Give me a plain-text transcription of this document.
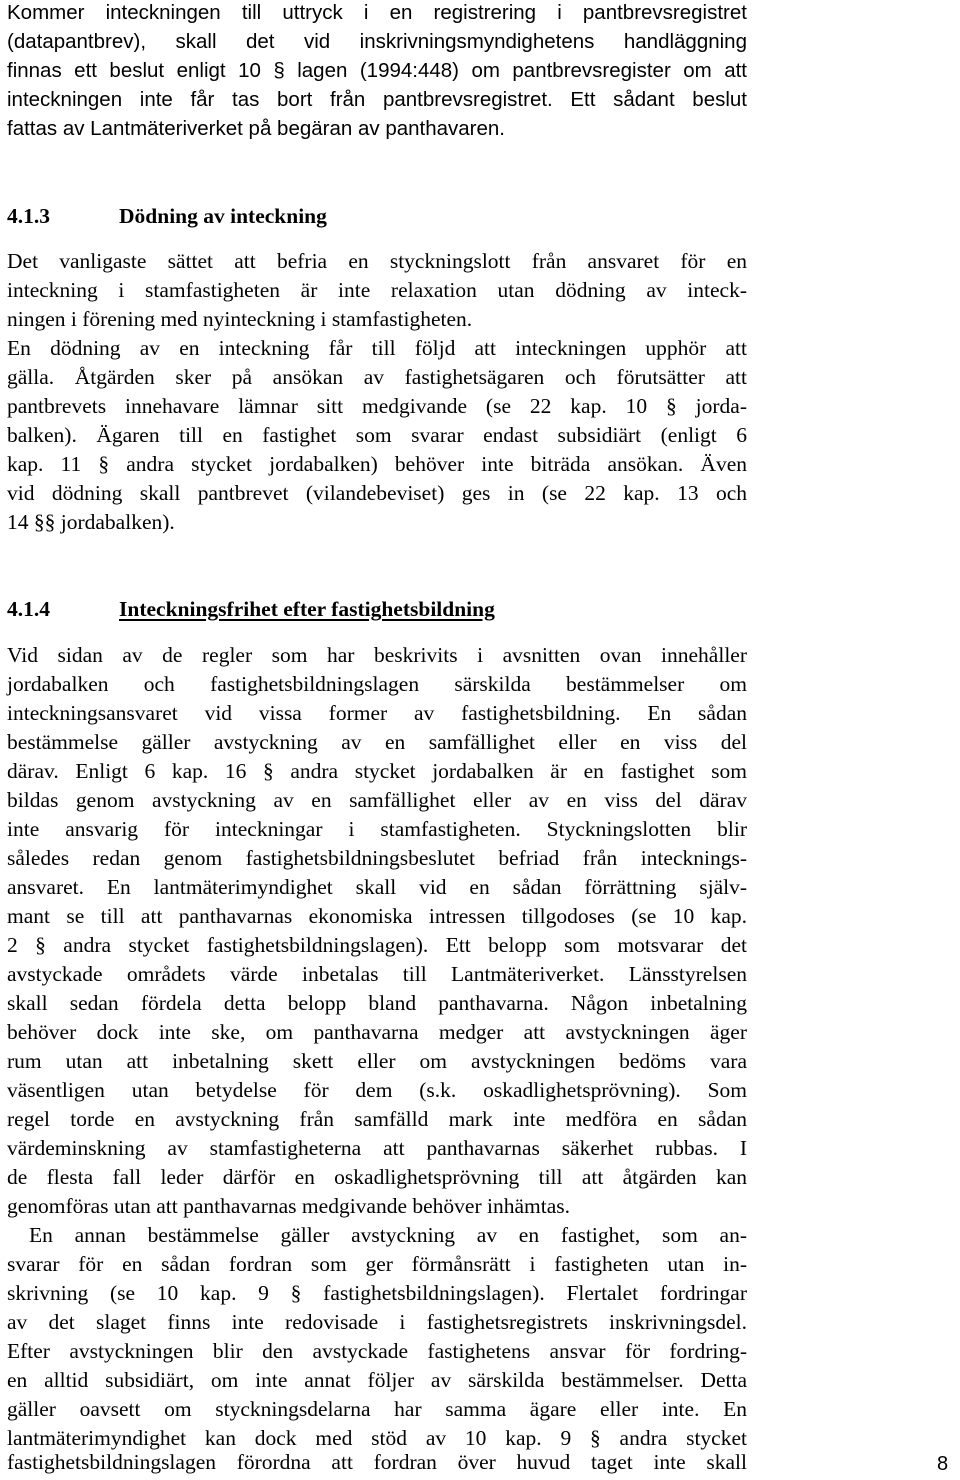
Kommer inteckningen till uttryck i en registrering i pantbrevsregistret
(datapantbrev), skall det vid inskrivningsmyndighetens handläggning
finnas ett beslut enligt 10 § lagen (1994:448) om pantbrevsregister om att
inteckningen inte får tas bort från pantbrevsregistret. Ett sådant beslut
fattas av Lantmäteriverket på begäran av panthavaren.
4.1.3	Dödning av inteckning
Det vanligaste sättet att befria en styckningslott från ansvaret för en
inteckning i stamfastigheten är inte relaxation utan dödning av inteck-
ningen i förening med nyinteckning i stamfastigheten.
En dödning av en inteckning får till följd att inteckningen upphör att
gälla. Åtgärden sker på ansökan av fastighetsägaren och förutsätter att
pantbrevets innehavare lämnar sitt medgivande (se 22 kap. 10 § jorda-
balken). Ägaren till en fastighet som svarar endast subsidiärt (enligt 6
kap. 11 § andra stycket jordabalken) behöver inte biträda ansökan. Även
vid dödning skall pantbrevet (vilandebeviset) ges in (se 22 kap. 13 och
14 §§ jordabalken).
4.1.4	Inteckningsfrihet efter fastighetsbildning
Vid sidan av de regler som har beskrivits i avsnitten ovan innehåller
jordabalken och fastighetsbildningslagen särskilda bestämmelser om
inteckningsansvaret vid vissa former av fastighetsbildning. En sådan
bestämmelse gäller avstyckning av en samfällighet eller en viss del
därav. Enligt 6 kap. 16 § andra stycket jordabalken är en fastighet som
bildas genom avstyckning av en samfällighet eller av en viss del därav
inte ansvarig för inteckningar i stamfastigheten. Styckningslotten blir
således redan genom fastighetsbildningsbeslutet befriad från intecknings-
ansvaret. En lantmäterimyndighet skall vid en sådan förrättning själv-
mant se till att panthavarnas ekonomiska intressen tillgodoses (se 10 kap.
2 § andra stycket fastighetsbildningslagen). Ett belopp som motsvarar det
avstyckade områdets värde inbetalas till Lantmäteriverket. Länsstyrelsen
skall sedan fördela detta belopp bland panthavarna. Någon inbetalning
behöver dock inte ske, om panthavarna medger att avstyckningen äger
rum utan att inbetalning skett eller om avstyckningen bedöms vara
väsentligen utan betydelse för dem (s.k. oskadlighetsprövning). Som
regel torde en avstyckning från samfälld mark inte medföra en sådan
värdeminskning av stamfastigheterna att panthavarnas säkerhet rubbas. I
de flesta fall leder därför en oskadlighetsprövning till att åtgärden kan
genomföras utan att panthavarnas medgivande behöver inhämtas.
En annan bestämmelse gäller avstyckning av en fastighet, som an-
svarar för en sådan fordran som ger förmånsrätt i fastigheten utan in-
skrivning (se 10 kap. 9 § fastighetsbildningslagen). Flertalet fordringar
av det slaget finns inte redovisade i fastighetsregistrets inskrivningsdel.
Efter avstyckningen blir den avstyckade fastighetens ansvar för fordring-
en alltid subsidiärt, om inte annat följer av särskilda bestämmelser. Detta
gäller oavsett om styckningsdelarna har samma ägare eller inte. En
lantmäterimyndighet kan dock med stöd av 10 kap. 9 § andra stycket
fastighetsbildningslagen förordna att fordran över huvud taget inte skall	8
